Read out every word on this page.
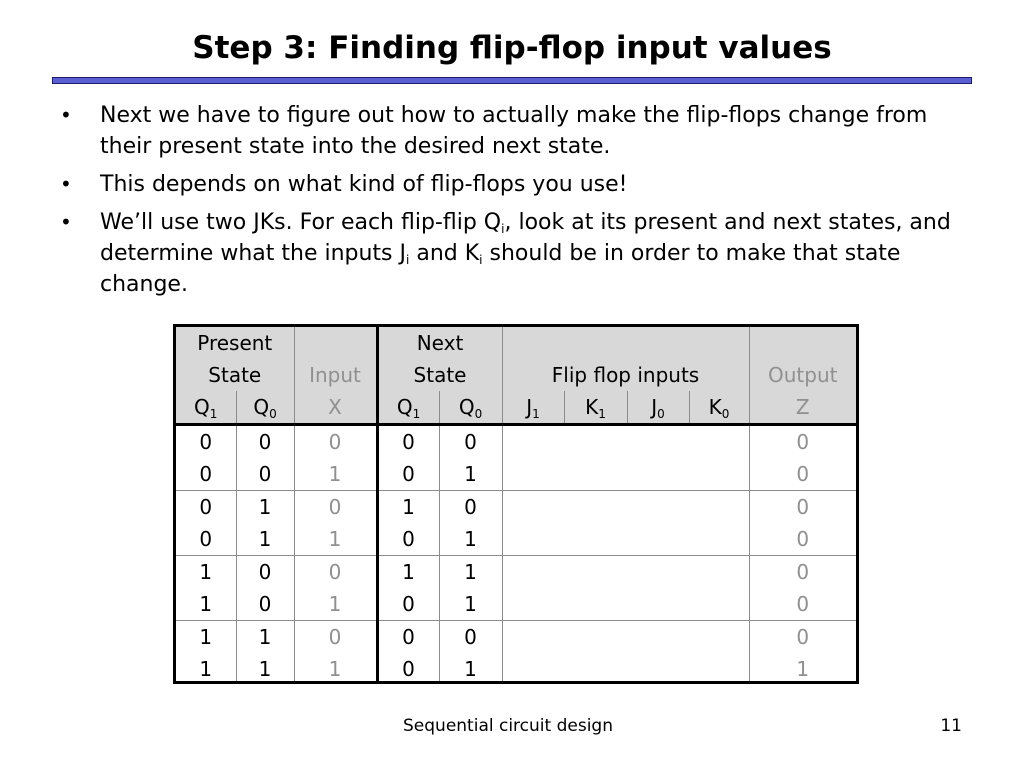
Step 3: Finding flip-flop input values
• Next we have to figure out how to actually make the flip-flops change from their present state into the desired next state.
• This depends on what kind of flip-flops you use!
• We’ll use two JKs. For each flip-flip $Q_i$, look at its present and next states, and determine what the inputs $J_i$ and $K_i$ should be in order to make that state change.
Present			Next						
State		Input	State		Flip flop inputs				Output
$Q_1$	$Q_0$	X	$Q_1$	$Q_0$	$J_1$	$K_1$	$J_0$	$K_0$	Z
0	0	0	0	0					0
0	0	1	0	1					0
0	1	0	1	0					0
0	1	1	0	1					0
1	0	0	1	1					0
1	0	1	0	1					0
1	1	0	0	0					0
1	1	1	0	1					1
Sequential circuit design	11
